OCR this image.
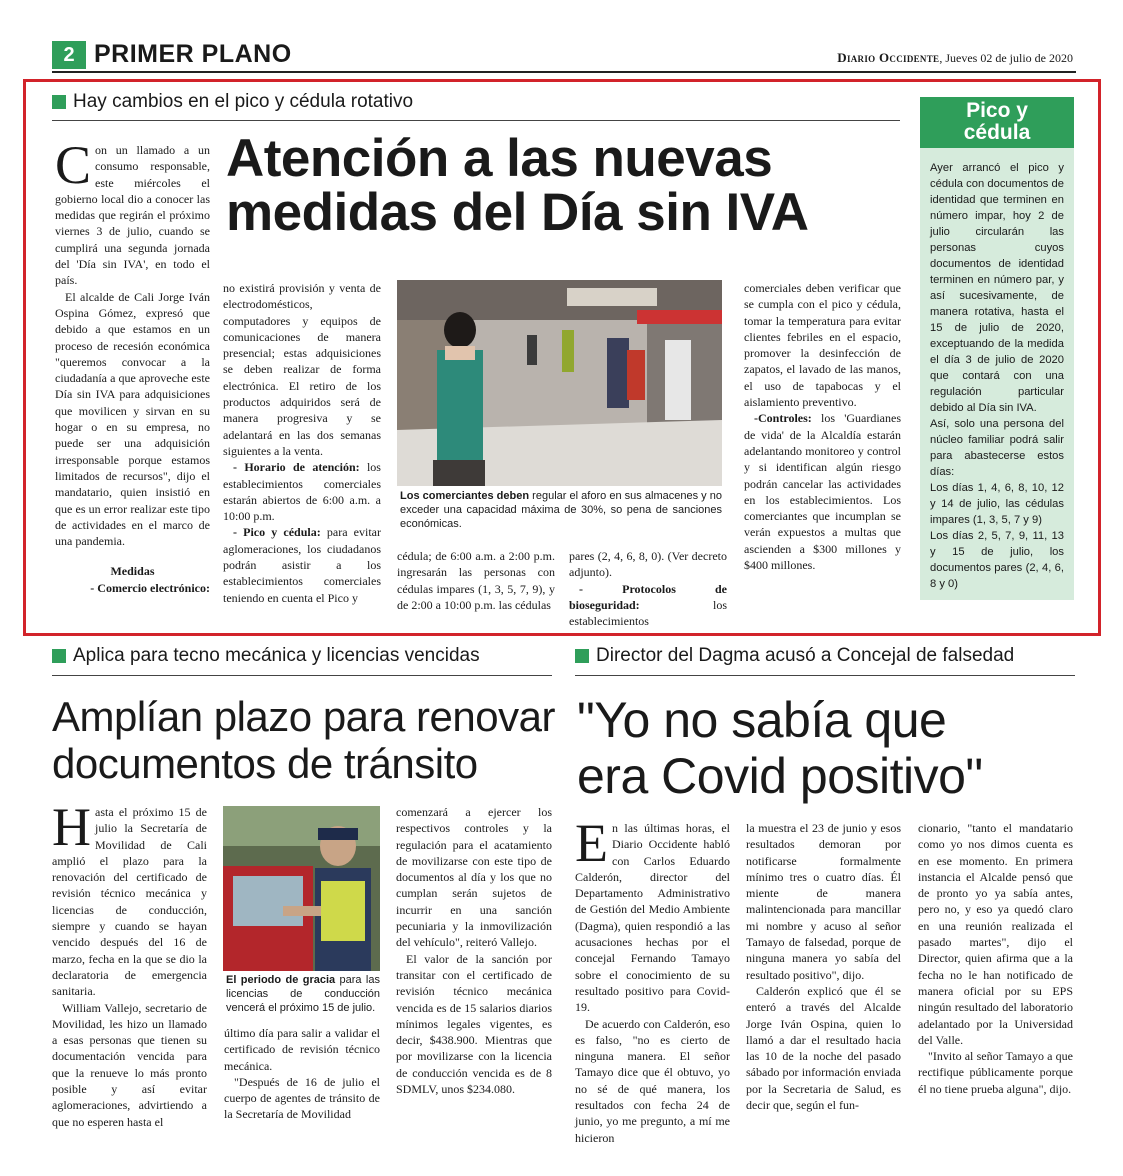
2 PRIMER PLANO	Diario Occidente, Jueves 02 de julio de 2020
Hay cambios en el pico y cédula rotativo
Atención a las nuevas
medidas del Día sin IVA

Con un llamado a un consumo responsable, este miércoles el gobierno local dio a conocer las medidas que regirán el próximo viernes 3 de julio, cuando se cumplirá una segunda jornada del 'Día sin IVA', en todo el país.

El alcalde de Cali Jorge Iván Ospina Gómez, expresó que debido a que estamos en un proceso de recesión económica "queremos convocar a la ciudadanía a que aproveche este Día sin IVA para adquisiciones que movilicen y sirvan en su hogar o en su empresa, no puede ser una adquisición irresponsable porque estamos limitados de recursos", dijo el mandatario, quien insistió en que es un error realizar este tipo de actividades en el marco de una pandemia.

Medidas

- Comercio electrónico:

no existirá provisión y venta de electrodomésticos, computadores y equipos de comunicaciones de manera presencial; estas adquisiciones se deben realizar de forma electrónica. El retiro de los productos adquiridos será de manera progresiva y se adelantará en las dos semanas siguientes a la venta.

- Horario de atención: los establecimientos comerciales estarán abiertos de 6:00 a.m. a 10:00 p.m.

- Pico y cédula: para evitar aglomeraciones, los ciudadanos podrán asistir a los establecimientos comerciales teniendo en cuenta el Pico y

Los comerciantes deben regular el aforo en sus almacenes y no exceder una capacidad máxima de 30%, so pena de sanciones económicas.

cédula; de 6:00 a.m. a 2:00 p.m. ingresarán las personas con cédulas impares (1, 3, 5, 7, 9), y de 2:00 a 10:00 p.m. las cédulas

pares (2, 4, 6, 8, 0). (Ver decreto adjunto).

- Protocolos de bioseguridad: los establecimientos

comerciales deben verificar que se cumpla con el pico y cédula, tomar la temperatura para evitar clientes febriles en el espacio, promover la desinfección de zapatos, el lavado de las manos, el uso de tapabocas y el aislamiento preventivo.

-Controles: los 'Guardianes de vida' de la Alcaldía estarán adelantando monitoreo y control y si identifican algún riesgo podrán cancelar las actividades en los establecimientos. Los comerciantes que incumplan se verán expuestos a multas que ascienden a $300 millones y $400 millones.

Pico y
cédula

Ayer arrancó el pico y cédula con documentos de identidad que terminen en número impar, hoy 2 de julio circularán las personas cuyos documentos de identidad terminen en número par, y así sucesivamente, de manera rotativa, hasta el 15 de julio de 2020, exceptuando de la medida el día 3 de julio de 2020 que contará con una regulación particular debido al Día sin IVA.

Así, solo una persona del núcleo familiar podrá salir para abastecerse estos días:

Los días 1, 4, 6, 8, 10, 12 y 14 de julio, las cédulas impares (1, 3, 5, 7 y 9)

Los días 2, 5, 7, 9, 11, 13 y 15 de julio, los documentos pares (2, 4, 6, 8 y 0)

Aplica para tecno mecánica y licencias vencidas
Amplían plazo para renovar
documentos de tránsito

Hasta el próximo 15 de julio la Secretaría de Movilidad de Cali amplió el plazo para la renovación del certificado de revisión técnico mecánica y licencias de conducción, siempre y cuando se hayan vencido después del 16 de marzo, fecha en la que se dio la declaratoria de emergencia sanitaria.

William Vallejo, secretario de Movilidad, les hizo un llamado a esas personas que tienen su documentación vencida para que la renueve lo más pronto posible y así evitar aglomeraciones, advirtiendo a que no esperen hasta el

El periodo de gracia para las licencias de conducción vencerá el próximo 15 de julio.

último día para salir a validar el certificado de revisión técnico mecánica.

"Después de 16 de julio el cuerpo de agentes de tránsito de la Secretaría de Movilidad

comenzará a ejercer los respectivos controles y la regulación para el acatamiento de movilizarse con este tipo de documentos al día y los que no cumplan serán sujetos de incurrir en una sanción pecuniaria y la inmovilización del vehículo", reiteró Vallejo.

El valor de la sanción por transitar con el certificado de revisión técnico mecánica vencida es de 15 salarios diarios mínimos legales vigentes, es decir, $438.900. Mientras que por movilizarse con la licencia de conducción vencida es de 8 SDMLV, unos $234.080.

Director del Dagma acusó a Concejal de falsedad
"Yo no sabía que
era Covid positivo"

En las últimas horas, el Diario Occidente habló con Carlos Eduardo Calderón, director del Departamento Administrativo de Gestión del Medio Ambiente (Dagma), quien respondió a las acusaciones hechas por el concejal Fernando Tamayo sobre el conocimiento de su resultado positivo para Covid-19.

De acuerdo con Calderón, eso es falso, "no es cierto de ninguna manera. El señor Tamayo dice que él obtuvo, yo no sé de qué manera, los resultados con fecha 24 de junio, yo me pregunto, a mí me hicieron

la muestra el 23 de junio y esos resultados demoran por notificarse formalmente mínimo tres o cuatro días. Él miente de manera malintencionada para mancillar mi nombre y acuso al señor Tamayo de falsedad, porque de ninguna manera yo sabía del resultado positivo", dijo.

Calderón explicó que él se enteró a través del Alcalde Jorge Iván Ospina, quien lo llamó a dar el resultado hacia las 10 de la noche del pasado sábado por información enviada por la Secretaria de Salud, es decir que, según el fun-

cionario, "tanto el mandatario como yo nos dimos cuenta es en ese momento. En primera instancia el Alcalde pensó que de pronto yo ya sabía antes, pero no, y eso ya quedó claro en una reunión realizada el pasado martes", dijo el Director, quien afirma que a la fecha no le han notificado de manera oficial por su EPS ningún resultado del laboratorio adelantado por la Universidad del Valle.

"Invito al señor Tamayo a que rectifique públicamente porque él no tiene prueba alguna", dijo.
